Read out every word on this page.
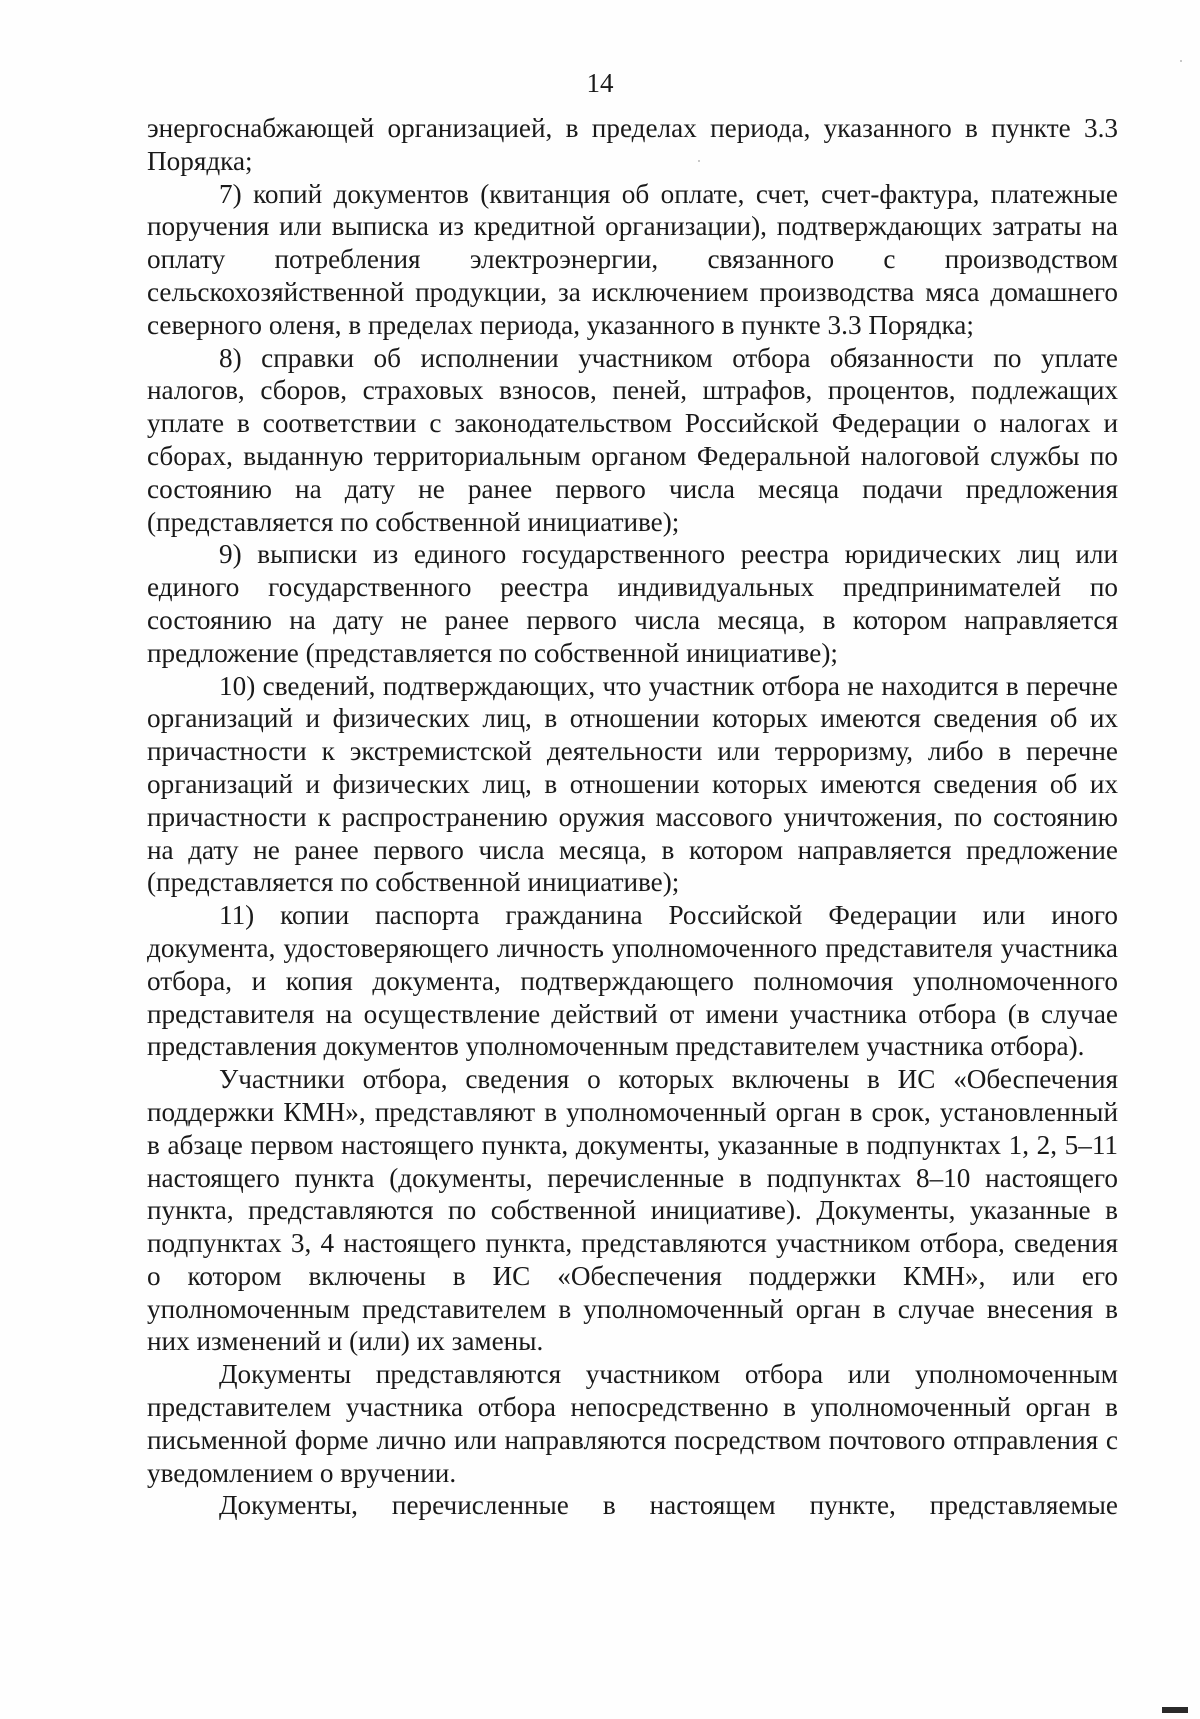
14

энергоснабжающей организацией, в пределах периода, указанного в пункте 3.3 Порядка;

7) копий документов (квитанция об оплате, счет, счет-фактура, платежные поручения или выписка из кредитной организации), подтверждающих затраты на оплату потребления электроэнергии, связанного с производством сельскохозяйственной продукции, за исключением производства мяса домашнего северного оленя, в пределах периода, указанного в пункте 3.3 Порядка;

8) справки об исполнении участником отбора обязанности по уплате налогов, сборов, страховых взносов, пеней, штрафов, процентов, подлежащих уплате в соответствии с законодательством Российской Федерации о налогах и сборах, выданную территориальным органом Федеральной налоговой службы по состоянию на дату не ранее первого числа месяца подачи предложения (представляется по собственной инициативе);

9) выписки из единого государственного реестра юридических лиц или единого государственного реестра индивидуальных предпринимателей по состоянию на дату не ранее первого числа месяца, в котором направляется предложение (представляется по собственной инициативе);

10) сведений, подтверждающих, что участник отбора не находится в перечне организаций и физических лиц, в отношении которых имеются сведения об их причастности к экстремистской деятельности или терроризму, либо в перечне организаций и физических лиц, в отношении которых имеются сведения об их причастности к распространению оружия массового уничтожения, по состоянию на дату не ранее первого числа месяца, в котором направляется предложение (представляется по собственной инициативе);

11) копии паспорта гражданина Российской Федерации или иного документа, удостоверяющего личность уполномоченного представителя участника отбора, и копия документа, подтверждающего полномочия уполномоченного представителя на осуществление действий от имени участника отбора (в случае представления документов уполномоченным представителем участника отбора).

Участники отбора, сведения о которых включены в ИС «Обеспечения поддержки КМН», представляют в уполномоченный орган в срок, установленный в абзаце первом настоящего пункта, документы, указанные в подпунктах 1, 2, 5–11 настоящего пункта (документы, перечисленные в подпунктах 8–10 настоящего пункта, представляются по собственной инициативе). Документы, указанные в подпунктах 3, 4 настоящего пункта, представляются участником отбора, сведения о котором включены в ИС «Обеспечения поддержки КМН», или его уполномоченным представителем в уполномоченный орган в случае внесения в них изменений и (или) их замены.

Документы представляются участником отбора или уполномоченным представителем участника отбора непосредственно в уполномоченный орган в письменной форме лично или направляются посредством почтового отправления с уведомлением о вручении.

Документы, перечисленные в настоящем пункте, представляемые
